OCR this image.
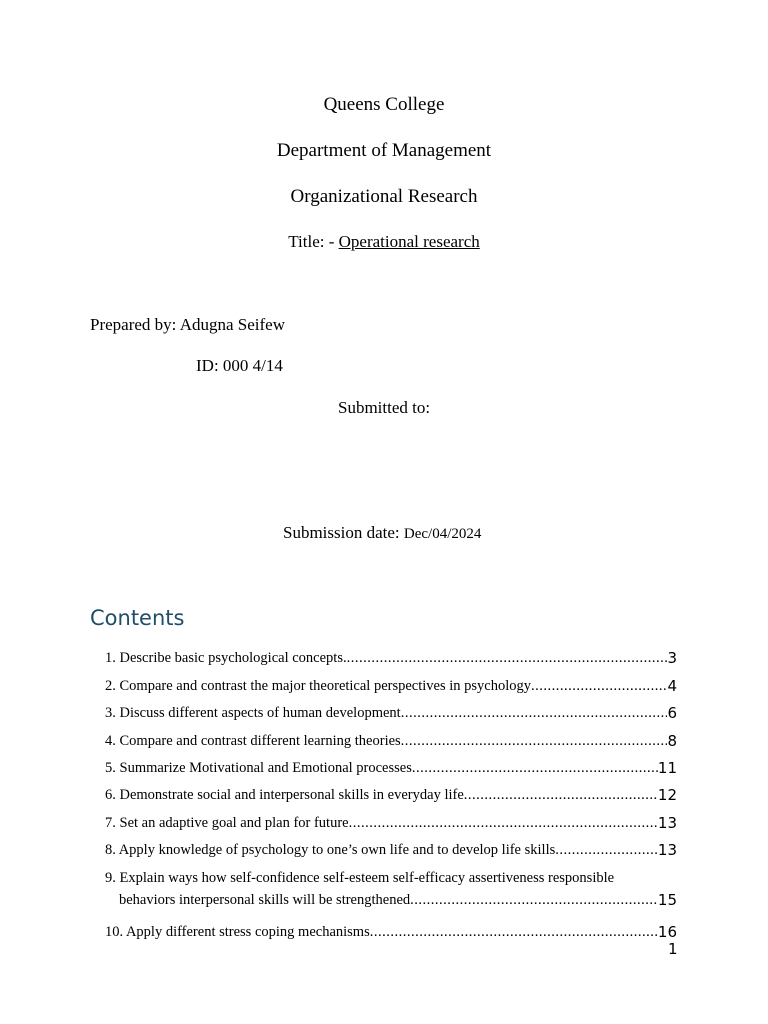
Queens College
Department of Management
Organizational Research
Title: - Operational research
Prepared by: Adugna Seifew
ID: 000 4/14
Submitted to:
Submission date: Dec/04/2024
Contents
1. Describe basic psychological concepts. .....	3
2. Compare and contrast the major theoretical perspectives in psychology .....	4
3. Discuss different aspects of human development .....	6
4. Compare and contrast different learning theories .....	8
5. Summarize Motivational and Emotional processes .....	11
6. Demonstrate social and interpersonal skills in everyday life .....	12
7. Set an adaptive goal and plan for future .....	13
8. Apply knowledge of psychology to one’s own life and to develop life skills .....	13
9. Explain ways how self-confidence self-esteem self-efficacy assertiveness responsible
behaviors interpersonal skills will be strengthened .....	15
10. Apply different stress coping mechanisms .....	16
1
